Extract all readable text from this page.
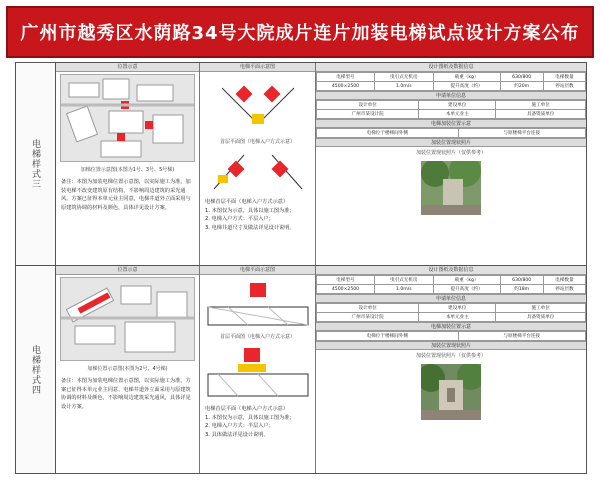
广州市越秀区水荫路34号大院成片连片加装电梯试点设计方案公布
电梯样式三
位置示意
加梯位置示意图(本图为1号、3号、5号梯)
备注：本图为加装电梯位置示意图，以实际施工为准。加装电梯不改变建筑原有结构，不影响周边建筑的采光通风。方案已征得本单元业主同意，电梯井道外立面采用与原建筑协调的材料及颜色，具体详见设计方案。
电梯平面示意图
首层平面图（电梯入户方式示意）
电梯首层平面（电梯入户方式示意）
1. 本图仅为示意，具体以施工图为准；
2. 电梯入户方式：平层入户；
3. 电梯井道尺寸及做法详见设计说明。
设计图纸及数据信息
电梯型号	曳引式无机房	载重（kg）	630/800	电梯数量
4500×2500	1.0m/s	提升高度（约）	约20m	停站层数
申请单位信息
设计单位	建设单位	施工单位
广州市某设计院	本单元业主	具备资质单位
电梯加装位置示意
电梯位于楼梯间外侧	与原楼梯平台连接
加装位置现状照片
加装位置现状照片（仅供参考）
电梯样式四
位置示意
加梯位置示意图(本图为2号、4号梯)
备注：本图为加装电梯位置示意图，以实际施工为准。方案已征得本单元业主同意，电梯井道外立面采用与原建筑协调的材料及颜色，不影响周边建筑采光通风，具体详见设计方案。
电梯平面示意图
首层平面图（电梯入户方式示意）
电梯首层平面（电梯入户方式示意）
1. 本图仅为示意，具体以施工图为准；
2. 电梯入户方式：半层入户；
3. 具体做法详见设计说明。
设计图纸及数据信息
电梯型号	曳引式无机房	载重（kg）	630/800	电梯数量
4500×2500	1.0m/s	提升高度（约）	约18m	停站层数
申请单位信息
设计单位	建设单位	施工单位
广州市某设计院	本单元业主	具备资质单位
电梯加装位置示意
电梯位于楼梯间外侧	与原楼梯平台连接
加装位置现状照片
加装位置现状照片（仅供参考）
